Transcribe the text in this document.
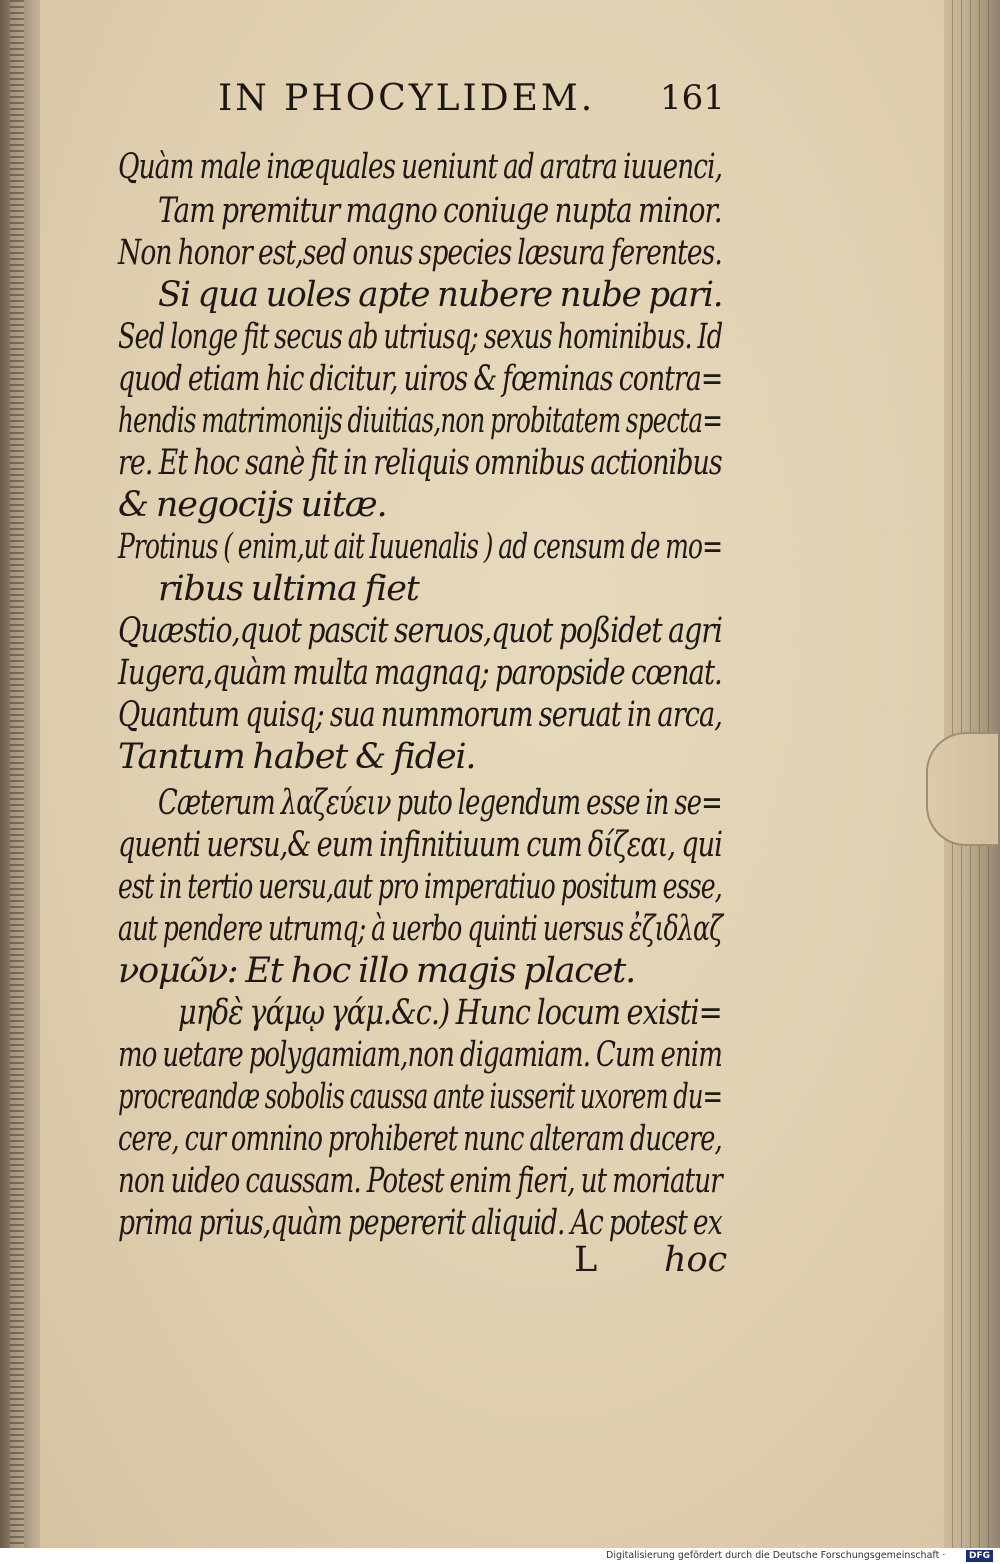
IN PHOCYLIDEM. 161
Quàm male inæquales ueniunt ad aratra iuuenci,
Tam premitur magno coniuge nupta minor.
Non honor est,sed onus species læsura ferentes.
Si qua uoles apte nubere nube pari.
Sed longe fit secus ab utriusq; sexus hominibus. Id
quod etiam hic dicitur, uiros & fœminas contra=
hendis matrimonijs diuitias,non probitatem specta=
re. Et hoc sanè fit in reliquis omnibus actionibus
& negocijs uitæ.
Protinus ( enim,ut ait Iuuenalis ) ad censum de mo=
ribus ultima fiet
Quæstio,quot pascit seruos,quot poßidet agri
Iugera,quàm multa magnaq; paropside cœnat.
Quantum quisq; sua nummorum seruat in arca,
Tantum habet & fidei.
Cæterum λαζεύειν puto legendum esse in se=
quenti uersu,& eum infinitiuum cum δίζεαι, qui
est in tertio uersu,aut pro imperatiuo positum esse,
aut pendere utrumq; à uerbo quinti uersus ἐζιδλαζ
νομῶν: Et hoc illo magis placet.
μηδὲ γάμῳ γάμ.&c.) Hunc locum existi=
mo uetare polygamiam,non digamiam. Cum enim
procreandæ sobolis caussa ante iusserit uxorem du=
cere, cur omnino prohiberet nunc alteram ducere,
non uideo caussam. Potest enim fieri, ut moriatur
prima prius,quàm pepererit aliquid. Ac potest ex
L hoc
Digitalisierung gefördert durch die Deutsche Forschungsgemeinschaft ·	DFG
